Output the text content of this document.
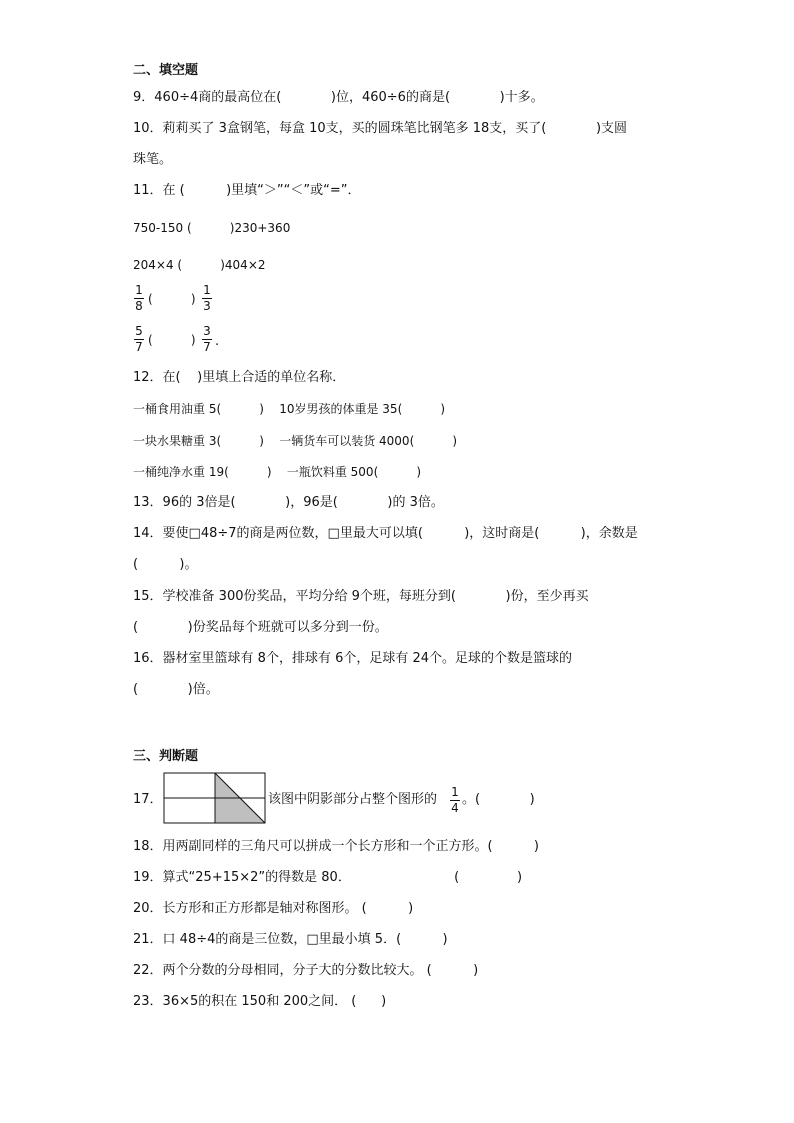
二、填空题
9．460÷4商的最高位在(            )位，460÷6的商是(            )十多。
10．莉莉买了 3盒钢笔，每盒 10支，买的圆珠笔比钢笔多 18支，买了(            )支圆
珠笔。
11．在 (          )里填“＞”“＜”或“=”．
750-150 (          )230+360
204×4 (          )404×2
1
8 (          )
1
3
5
7 (          )
3
7 .
12．在(    )里填上合适的单位名称．
一桶食用油重 5(          )    10岁男孩的体重是 35(          )
一块水果糖重 3(          )    一辆货车可以装货 4000(          )
一桶纯净水重 19(          )    一瓶饮料重 500(          )
13．96的 3倍是(            )，96是(            )的 3倍。
14．要使□48÷7的商是两位数，□里最大可以填(          )，这时商是(          )，余数是
(          )。
15．学校准备 300份奖品，平均分给 9个班，每班分到(            )份，至少再买
(            )份奖品每个班就可以多分到一份。
16．器材室里篮球有 8个，排球有 6个，足球有 24个。足球的个数是篮球的
(            )倍。
三、判断题
17．	该图中阴影部分占整个图形的 1
4
。(            )
18．用两副同样的三角尺可以拼成一个长方形和一个正方形。(          )
19．算式“25+15×2”的得数是 80．                         (              )
20．长方形和正方形都是轴对称图形。 (          )
21．口 48÷4的商是三位数，□里最小填 5．(          )
22．两个分数的分母相同，分子大的分数比较大。 (          )
23．36×5的积在 150和 200之间． (      )
